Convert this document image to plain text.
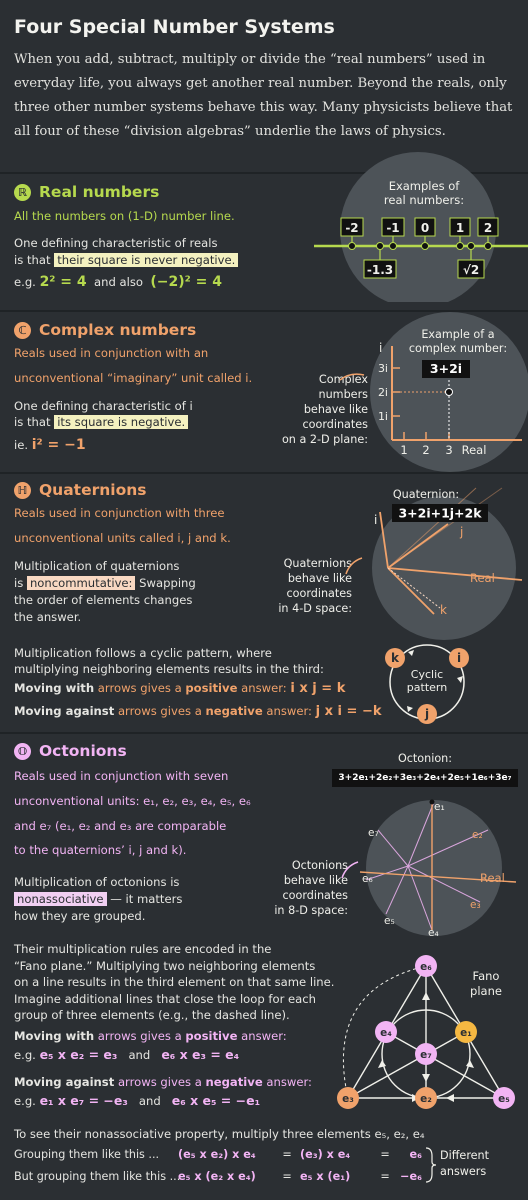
Four Special Number Systems
When you add, subtract, multiply or divide the “real numbers” used in everyday life, you always get another real number. Beyond the reals, only three other number systems behave this way. Many physicists believe that all four of these “division algebras” underlie the laws of physics.
ℝ Real numbers
All the numbers on (1-D) number line.
One defining characteristic of reals
is that their square is never negative.
e.g. 2² = 4 and also (−2)² = 4
Examples of
real numbers:
-2 -1 0 1 2
-1.3	√2
ℂ Complex numbers
Reals used in conjunction with an
unconventional “imaginary” unit called i.
One defining characteristic of i
is that its square is negative.
ie. i² = −1
Complex
numbers
behave like
coordinates
on a 2-D plane:
Example of a
complex number:
i
3i
2i
1i
1 2 3 Real
3+2i
ℍ Quaternions
Reals used in conjunction with three
unconventional units called i, j and k.
Multiplication of quaternions
is noncommutative: Swapping
the order of elements changes
the answer.
Quaternions
behave like
coordinates
in 4-D space:
Quaternion:
i
j
k
Real
3+2i+1j+2k
Multiplication follows a cyclic pattern, where
multiplying neighboring elements results in the third:
Moving with arrows gives a positive answer: i x j = k
Moving against arrows gives a negative answer: j x i = −k
k	i
j
Cyclic
pattern
𝕆 Octonions
Reals used in conjunction with seven
unconventional units: e₁, e₂, e₃, e₄, e₅, e₆
and e₇ (e₁, e₂ and e₃ are comparable
to the quaternions’ i, j and k).
Multiplication of octonions is
nonassociative — it matters
how they are grouped.
Octonions
behave like
coordinates
in 8-D space:
Octonion:
3+2e₁+2e₂+3e₃+2e₄+2e₅+1e₆+3e₇
e₁
e₂
e₃
e₄
e₅
e₆
e₇
Real
Their multiplication rules are encoded in the
“Fano plane.” Multiplying two neighboring elements
on a line results in the third element on that same line.
Imagine additional lines that close the loop for each
group of three elements (e.g., the dashed line).
Moving with arrows gives a positive answer:
e.g. e₅ x e₂ = e₃ and e₆ x e₃ = e₄
Moving against arrows gives a negative answer:
e.g. e₁ x e₇ = −e₃ and e₆ x e₅ = −e₁
e₆
e₄	e₁
e₇
e₃	e₂	e₅
Fano
plane
To see their nonassociative property, multiply three elements e₅, e₂, e₄
Grouping them like this ... (e₅ x e₂) x e₄ = (e₃) x e₄	= e₆
But grouping them like this ...e₅ x (e₂ x e₄) = e₅ x (e₁)	= −e₆
Different
answers
